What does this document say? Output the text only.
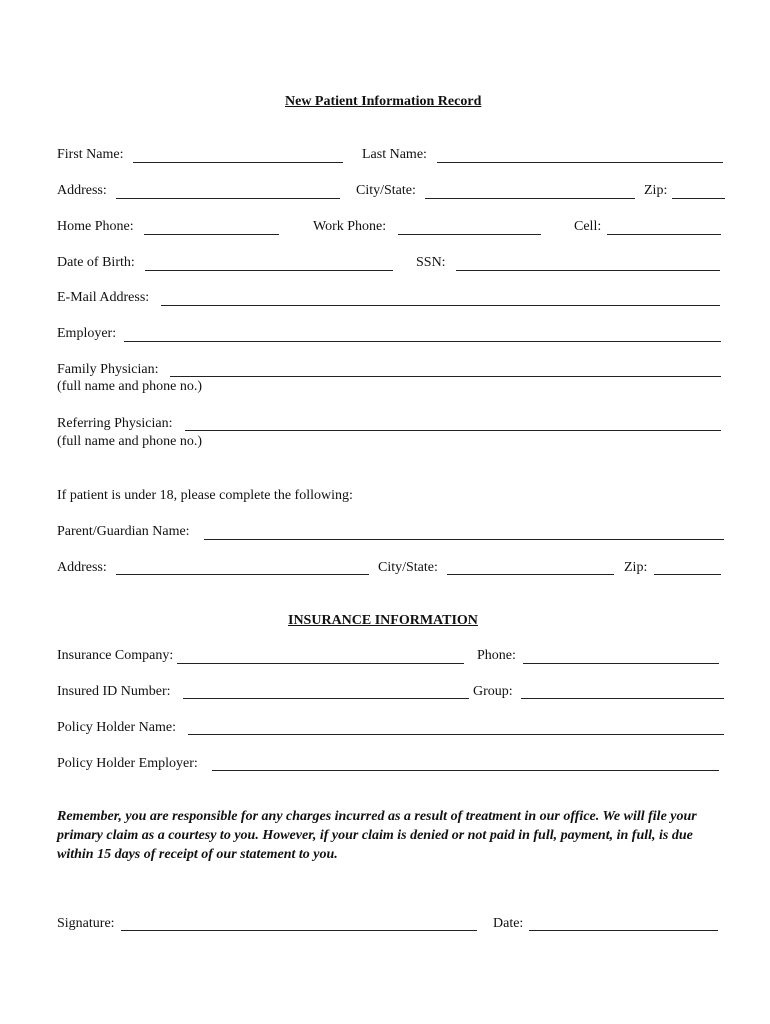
New Patient Information Record
First Name:	Last Name:
Address:	City/State:	Zip:
Home Phone:	Work Phone:	Cell:
Date of Birth:	SSN:
E-Mail Address:
Employer:
Family Physician:
(full name and phone no.)
Referring Physician:
(full name and phone no.)
If patient is under 18, please complete the following:
Parent/Guardian Name:
Address:	City/State:	Zip:
INSURANCE INFORMATION
Insurance Company:	Phone:
Insured ID Number:	Group:
Policy Holder Name:
Policy Holder Employer:
Remember, you are responsible for any charges incurred as a result of treatment in our office. We will file your primary claim as a courtesy to you. However, if your claim is denied or not paid in full, payment, in full, is due within 15 days of receipt of our statement to you.
Signature:	Date:
